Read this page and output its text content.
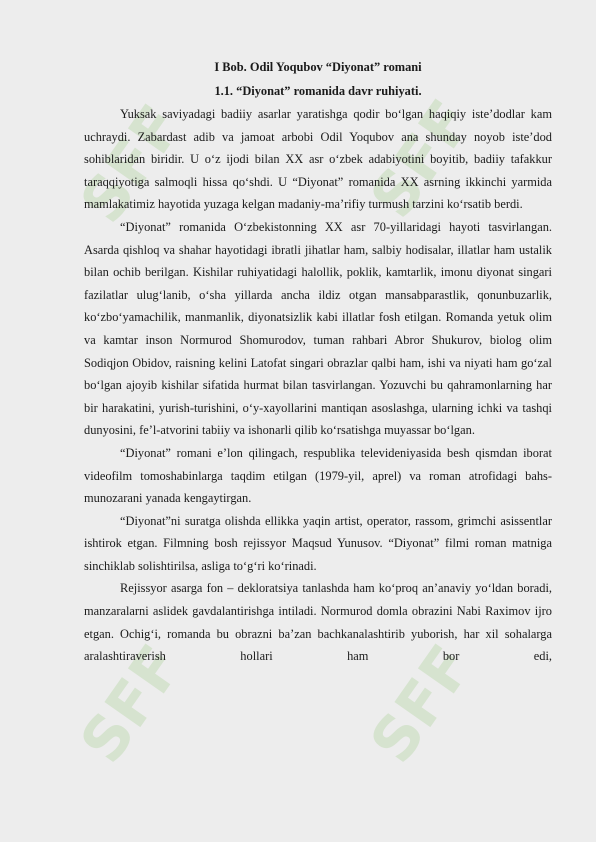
SFF	SFF
SFF	SFF

I Bob. Odil Yoqubov “Diyonat” romani

1.1. “Diyonat” romanida davr ruhiyati.

Yuksak saviyadagi badiiy asarlar yaratishga qodir bo‘lgan haqiqiy iste’dodlar kam uchraydi. Zabardast adib va jamoat arbobi Odil Yoqubov ana shunday noyob iste’dod sohiblaridan biridir. U o‘z ijodi bilan XX asr o‘zbek adabiyotini boyitib, badiiy tafakkur taraqqiyotiga salmoqli hissa qo‘shdi. U “Diyonat” romanida XX asrning ikkinchi yarmida mamlakatimiz hayotida yuzaga kelgan madaniy-ma’rifiy turmush tarzini ko‘rsatib berdi.

“Diyonat” romanida O‘zbekistonning XX asr 70-yillaridagi hayoti tasvirlangan. Asarda qishloq va shahar hayotidagi ibratli jihatlar ham, salbiy hodisalar, illatlar ham ustalik bilan ochib berilgan. Kishilar ruhiyatidagi halollik, poklik, kamtarlik, imonu diyonat singari fazilatlar ulug‘lanib, o‘sha yillarda ancha ildiz otgan mansabparastlik, qonunbuzarlik, ko‘zbo‘yamachilik, manmanlik, diyonatsizlik kabi illatlar fosh etilgan. Romanda yetuk olim va kamtar inson Normurod Shomurodov, tuman rahbari Abror Shukurov, biolog olim Sodiqjon Obidov, raisning kelini Latofat singari obrazlar qalbi ham, ishi va niyati ham go‘zal bo‘lgan ajoyib kishilar sifatida hurmat bilan tasvirlangan. Yozuvchi bu qahramonlarning har bir harakatini, yurish-turishini, o‘y-xayollarini mantiqan asoslashga, ularning ichki va tashqi dunyosini, fe’l-atvorini tabiiy va ishonarli qilib ko‘rsatishga muyassar bo‘lgan.

“Diyonat” romani e’lon qilingach, respublika televideniyasida besh qismdan iborat videofilm tomoshabinlarga taqdim etilgan (1979-yil, aprel) va roman atrofidagi bahs-munozarani yanada kengaytirgan.

“Diyonat”ni suratga olishda ellikka yaqin artist, operator, rassom, grimchi asissentlar ishtirok etgan. Filmning bosh rejissyor Maqsud Yunusov. “Diyonat” filmi roman matniga sinchiklab solishtirilsa, asliga to‘g‘ri ko‘rinadi.

Rejissyor asarga fon – dekloratsiya tanlashda ham ko‘proq an’anaviy yo‘ldan boradi, manzaralarni aslidek gavdalantirishga intiladi. Normurod domla obrazini Nabi Raximov ijro etgan. Ochig‘i, romanda bu obrazni ba’zan bachkanalashtirib yuborish, har xil sohalarga aralashtiraverish hollari ham bor edi,
